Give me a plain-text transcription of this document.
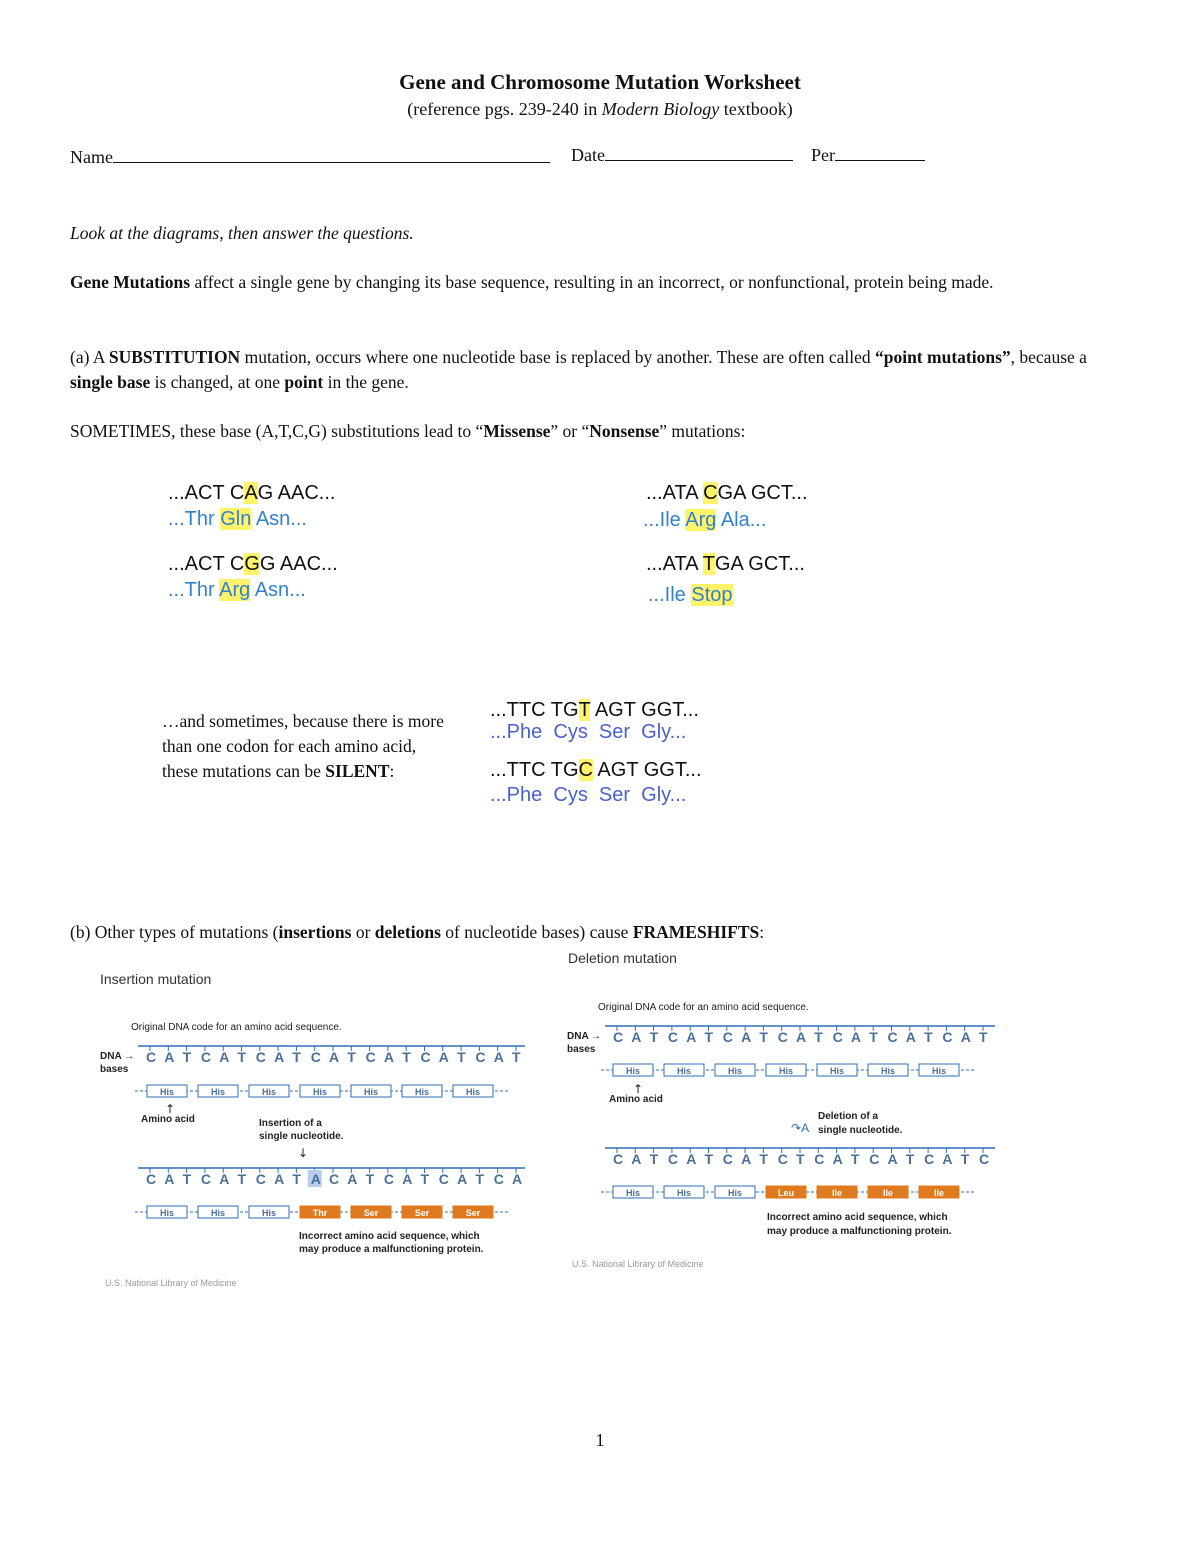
Gene and Chromosome Mutation Worksheet
(reference pgs. 239-240 in Modern Biology textbook)
Name	Date	Per
Look at the diagrams, then answer the questions.
Gene Mutations affect a single gene by changing its base sequence, resulting in an incorrect, or nonfunctional, protein being made.
(a) A SUBSTITUTION mutation, occurs where one nucleotide base is replaced by another. These are often called “point mutations”, because a single base is changed, at one point in the gene.
SOMETIMES, these base (A,T,C,G) substitutions lead to “Missense” or “Nonsense” mutations:
...ACT CAG AAC...
...Thr Gln Asn...
...ACT CGG AAC...
...Thr Arg Asn...
...ATA CGA GCT...
...Ile Arg Ala...
...ATA TGA GCT...
...Ile Stop
…and sometimes, because there is more than one codon for each amino acid, these mutations can be SILENT:
...TTC TGT AGT GGT...
...Phe  Cys  Ser  Gly...
...TTC TGC AGT GGT...
...Phe  Cys  Ser  Gly...
(b) Other types of mutations (insertions or deletions of nucleotide bases) cause FRAMESHIFTS:
Insertion mutation
Original DNA code for an amino acid sequence.
DNA →
bases
C A T C A T C A T C A T C A T C A T C A T
His	His	His	His	His	His	His
↑
↓
C A T C A T C A T A C A T C A T C A T C A
His	His	His	Thr	Ser	Ser	Ser
Amino acid	Insertion of a
single nucleotide.
Incorrect amino acid sequence, which
may produce a malfunctioning protein.
U.S. National Library of Medicine
Deletion mutation
Original DNA code for an amino acid sequence.
DNA →
bases
C A T C A T C A T C A T C A T C A T C A T
His	His	His	His	His	His	His
↑
C A T C A T C A T C T C A T C A T C A T C
His	His	His	Leu	Ile	Ile	Ile
Amino acid
↷A
Deletion of a
single nucleotide.
Incorrect amino acid sequence, which
may produce a malfunctioning protein.
U.S. National Library of Medicine
1
